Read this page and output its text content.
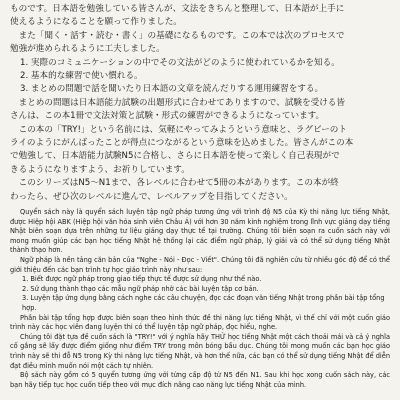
ものです。日本語を勉強している皆さんが、文法をきちんと整理して、日本語が上手に

使えるようになることを願って作りました。

また「聞く・話す・読む・書く」の基礎になるものです。この本では次のプロセスで

勉強が進められるように工夫しました。

1. 実際のコミュニケーションの中でその文法がどのように使われているかを知る。
2. 基本的な練習で使い慣れる。
3. まとめの問題で話を聞いたり日本語の文章を読んだりする運用練習をする。

まとめの問題は日本語能力試験の出題形式に合わせてありますので、試験を受ける皆

さんは、この本1冊で文法対策と試験・形式の練習ができるようになっています。

この本の「TRY!」という名前には、気軽にやってみようという意味と、ラグビーのト

ライのようにがんばったことが得点につながるという意味を込めました。皆さんがこの本

で勉強して、日本語能力試験N5に合格し、さらに日本語を使って楽しく自己表現がで

きるようになりますよう、お祈りしています。

このシリーズはN5～N1まで、各レベルに合わせて5冊の本があります。この本が終

わったら、ぜひ次のレベルに進んで、レベルアップを目指してください。

Quyển sách này là quyển sách luyện tập ngữ pháp tương ứng với trình độ N5 của Kỳ thi năng lực tiếng Nhật, được Hiệp hội ABK (Hiệp hội văn hóa sinh viên Châu Á) với hơn 30 năm kinh nghiệm trong lĩnh vực giảng dạy tiếng Nhật biên soạn dựa trên những tư liệu giảng dạy thực tế tại trường. Chúng tôi biên soạn ra cuốn sách này với mong muốn giúp các bạn học tiếng Nhật hệ thống lại các điểm ngữ pháp, lý giải và có thể sử dụng tiếng Nhật thành thạo hơn.

Ngữ pháp là nền tảng căn bản của "Nghe - Nói - Đọc - Viết". Chúng tôi đã nghiên cứu từ nhiều góc độ để có thể giới thiệu đến các bạn trình tự học giáo trình này như sau:

1. Biết được ngữ pháp trong giao tiếp thực tế được sử dụng như thế nào.
2. Sử dụng thành thạo các mẫu ngữ pháp nhờ các bài luyện tập cơ bản.
3. Luyện tập ứng dụng bằng cách nghe các câu chuyện, đọc các đoạn văn tiếng Nhật trong phần bài tập tổng hợp.

Phần bài tập tổng hợp được biên soạn theo hình thức đề thi năng lực tiếng Nhật, vì thế chỉ với một cuốn giáo trình này các học viên đang luyện thi có thể luyện tập ngữ pháp, đọc hiểu, nghe.

Chúng tôi đặt tựa đề cuốn sách là "TRY!" với ý nghĩa hãy THỬ học tiếng Nhật một cách thoải mái và cả ý nghĩa cố gắng sẽ lấy được điểm giống như điểm TRY trong môn bóng bầu dục. Chúng tôi mong muốn các bạn học giáo trình này sẽ thi đỗ N5 trong Kỳ thi năng lực tiếng Nhật, và hơn thế nữa, các bạn có thể sử dụng tiếng Nhật để diễn đạt điều mình muốn nói một cách tự nhiên.

Bộ sách này gồm có 5 quyển tương ứng với từng cấp độ từ N5 đến N1. Sau khi học xong cuốn sách này, các bạn hãy tiếp tục học cuốn tiếp theo với mục đích nâng cao năng lực tiếng Nhật của mình.
